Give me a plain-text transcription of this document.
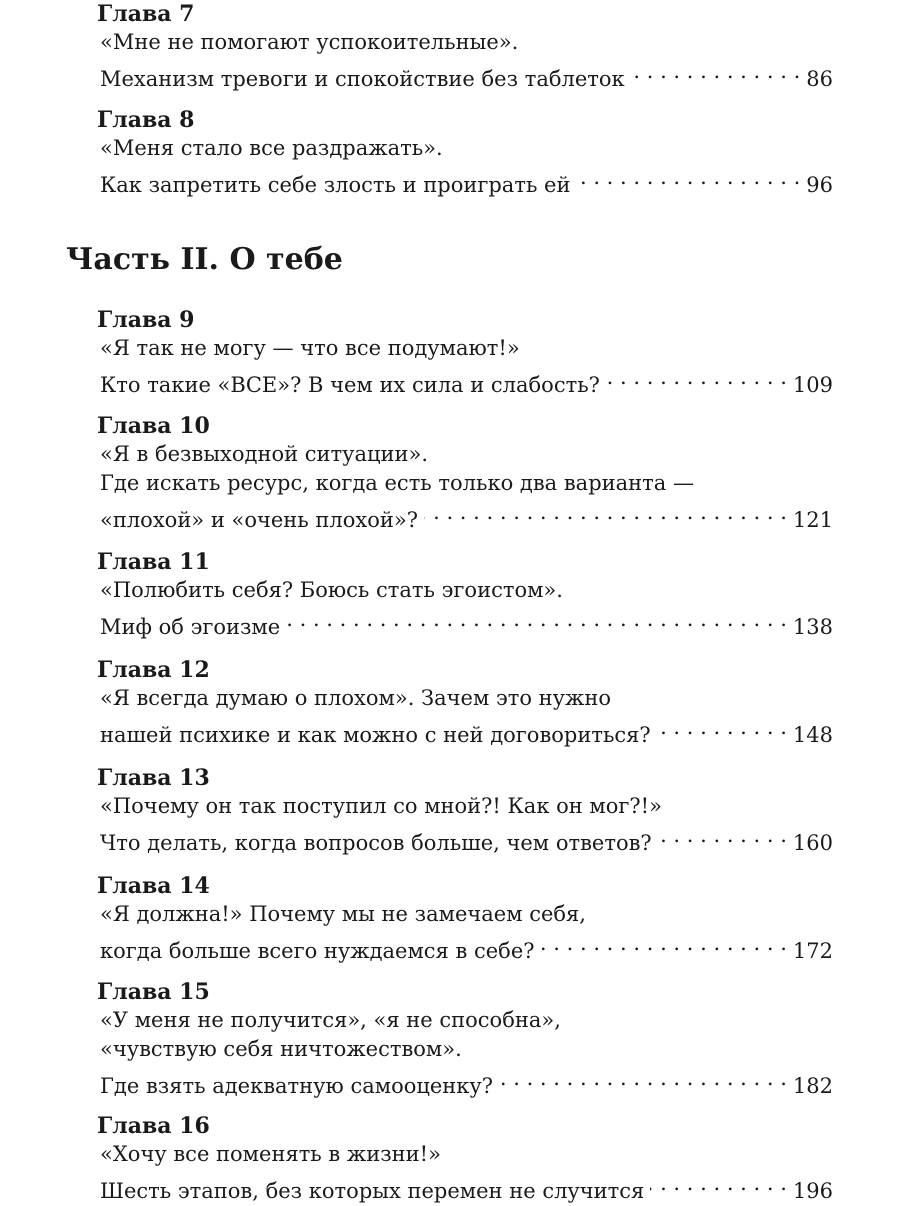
Глава 7
«Мне не помогают успокоительные».
Механизм тревоги и спокойствие без таблеток . . .	86
Глава 8
«Меня стало все раздражать».
Как запретить себе злость и проиграть ей . . .	96
Часть II. О тебе
Глава 9
«Я так не могу — что все подумают!»
Кто такие «ВСЕ»? В чем их сила и слабость? . . .	109
Глава 10
«Я в безвыходной ситуации».
Где искать ресурс, когда есть только два варианта —
«плохой» и «очень плохой»? . . .	121
Глава 11
«Полюбить себя? Боюсь стать эгоистом».
Миф об эгоизме . . .	138
Глава 12
«Я всегда думаю о плохом». Зачем это нужно
нашей психике и как можно с ней договориться? . . .	148
Глава 13
«Почему он так поступил со мной?! Как он мог?!»
Что делать, когда вопросов больше, чем ответов? . . .	160
Глава 14
«Я должна!» Почему мы не замечаем себя,
когда больше всего нуждаемся в себе? . . .	172
Глава 15
«У меня не получится», «я не способна»,
«чувствую себя ничтожеством».
Где взять адекватную самооценку? . . .	182
Глава 16
«Хочу все поменять в жизни!»
Шесть этапов, без которых перемен не случится . . .	196
